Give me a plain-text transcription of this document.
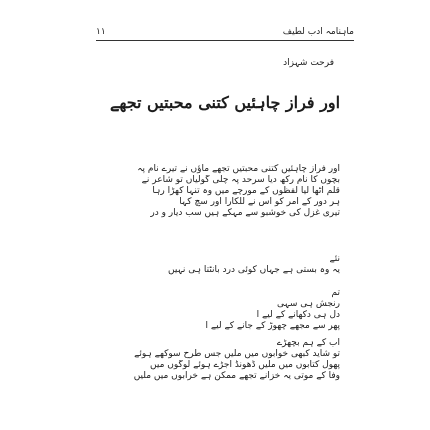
۱۱	ماہنامہ ادب لطیف
فرحت شہزاد
اور فراز چاہئیں کتنی محبتیں تجھے
اور فراز چاہئیں کتنی محبتیں تجھے ماؤں نے تیرے نام پہ
بچوں کا نام رکھ دیا سرحد پہ چلی گولیاں تو شاعر نے
قلم اٹھا لیا لفظوں کے مورچے میں وہ تنہا کھڑا رہا
ہر دور کے آمر کو اس نے للکارا اور سچ کہا
تیری غزل کی خوشبو سے مہکے ہیں سب دیار و در
نئے
یہ وہ بستی ہے جہاں کوئی درد بانٹتا ہی نہیں
تم
رنجش ہی سہی
دل ہی دکھانے کے لیے آ
پھر سے مجھے چھوڑ کے جانے کے لیے آ
اب کے ہم بچھڑے
تو شاید کبھی خوابوں میں ملیں جس طرح سوکھے ہوئے
پھول کتابوں میں ملیں ڈھونڈ اجڑے ہوئے لوگوں میں
وفا کے موتی یہ خزانے تجھے ممکن ہے خرابوں میں ملیں
